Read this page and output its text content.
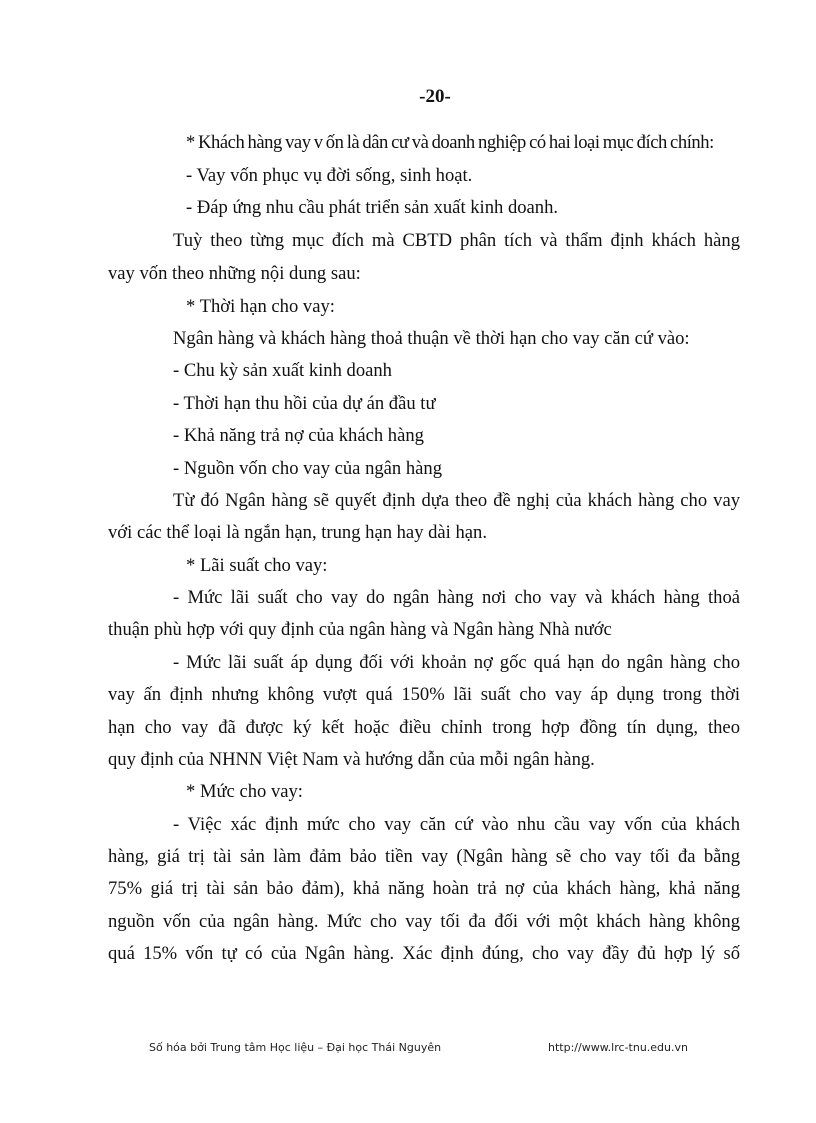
-20-
* Khách hàng vay v ốn là dân cư và doanh nghiệp có hai loại mục đích chính:
- Vay vốn phục vụ đời sống, sinh hoạt.
- Đáp ứng nhu cầu phát triển sản xuất kinh doanh.
Tuỳ theo từng mục đích mà CBTD phân tích và thẩm định khách hàng
vay vốn theo những nội dung sau:
* Thời hạn cho vay:
Ngân hàng và khách hàng thoả thuận về thời hạn cho vay căn cứ vào:
- Chu kỳ sản xuất kinh doanh
- Thời hạn thu hồi của dự án đầu tư
- Khả năng trả nợ của khách hàng
- Nguồn vốn cho vay của ngân hàng
Từ đó Ngân hàng sẽ quyết định dựa theo đề nghị của khách hàng cho vay
với các thể loại là ngắn hạn, trung hạn hay dài hạn.
* Lãi suất cho vay:
- Mức lãi suất cho vay do ngân hàng nơi cho vay và khách hàng thoả
thuận phù hợp với quy định của ngân hàng và Ngân hàng Nhà nước
- Mức lãi suất áp dụng đối với khoản nợ gốc quá hạn do ngân hàng cho
vay ấn định nhưng không vượt quá 150% lãi suất cho vay áp dụng trong thời
hạn cho vay đã được ký kết hoặc điều chỉnh trong hợp đồng tín dụng, theo
quy định của NHNN Việt Nam và hướng dẫn của mỗi ngân hàng.
* Mức cho vay:
- Việc xác định mức cho vay căn cứ vào nhu cầu vay vốn của khách
hàng, giá trị tài sản làm đảm bảo tiền vay (Ngân hàng sẽ cho vay tối đa bằng
75% giá trị tài sản bảo đảm), khả năng hoàn trả nợ của khách hàng, khả năng
nguồn vốn của ngân hàng. Mức cho vay tối đa đối với một khách hàng không
quá 15% vốn tự có của Ngân hàng. Xác định đúng, cho vay đầy đủ hợp lý số
Số hóa bởi Trung tâm Học liệu – Đại học Thái Nguyên	http://www.lrc-tnu.edu.vn
